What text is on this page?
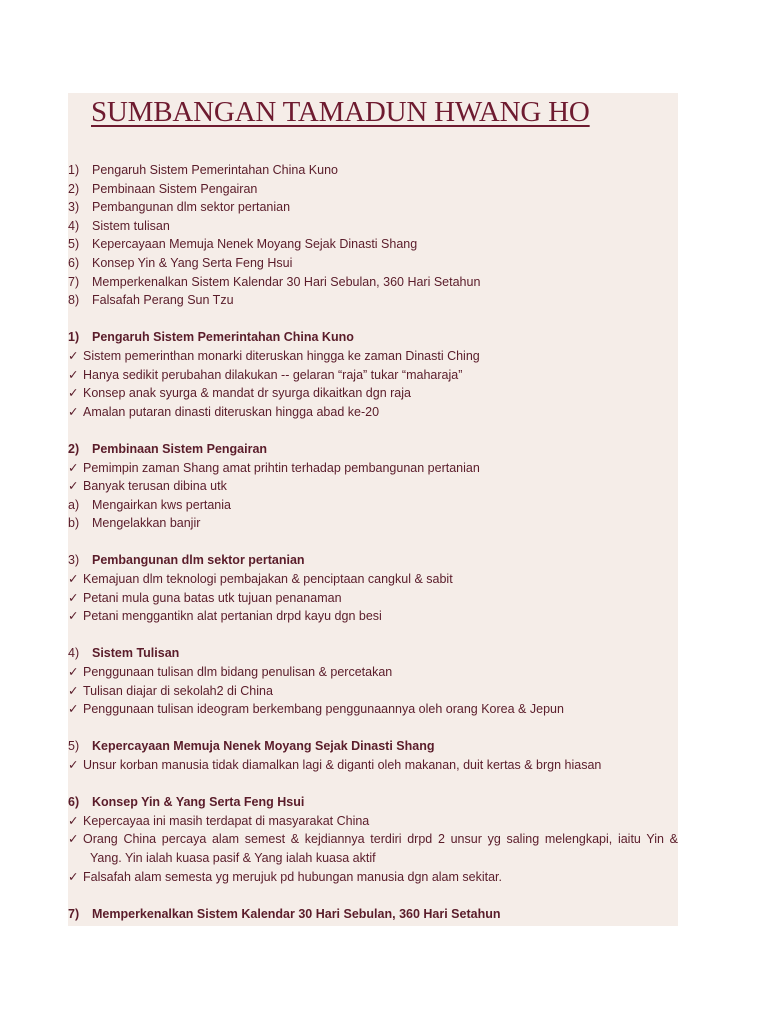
SUMBANGAN TAMADUN HWANG HO
1) Pengaruh Sistem Pemerintahan China Kuno
2) Pembinaan Sistem Pengairan
3) Pembangunan dlm sektor pertanian
4) Sistem tulisan
5) Kepercayaan Memuja Nenek Moyang Sejak Dinasti Shang
6) Konsep Yin & Yang Serta Feng Hsui
7) Memperkenalkan Sistem Kalendar 30 Hari Sebulan, 360 Hari Setahun
8) Falsafah Perang Sun Tzu
1) Pengaruh Sistem Pemerintahan China Kuno
✓ Sistem pemerinthan monarki diteruskan hingga ke zaman Dinasti Ching
✓ Hanya sedikit perubahan dilakukan -- gelaran “raja” tukar “maharaja”
✓ Konsep anak syurga & mandat dr syurga dikaitkan dgn raja
✓ Amalan putaran dinasti diteruskan hingga abad ke-20
2) Pembinaan Sistem Pengairan
✓ Pemimpin zaman Shang amat prihtin terhadap pembangunan pertanian
✓ Banyak terusan dibina utk
a) Mengairkan kws pertania
b) Mengelakkan banjir
3) Pembangunan dlm sektor pertanian
✓ Kemajuan dlm teknologi pembajakan & penciptaan cangkul & sabit
✓ Petani mula guna batas utk tujuan penanaman
✓ Petani menggantikn alat pertanian drpd kayu dgn besi
4) Sistem Tulisan
✓ Penggunaan tulisan dlm bidang penulisan & percetakan
✓ Tulisan diajar di sekolah2 di China
✓ Penggunaan tulisan ideogram berkembang penggunaannya oleh orang Korea & Jepun
5) Kepercayaan Memuja Nenek Moyang Sejak Dinasti Shang
✓ Unsur korban manusia tidak diamalkan lagi & diganti oleh makanan, duit kertas & brgn hiasan
6) Konsep Yin & Yang Serta Feng Hsui
✓ Kepercayaa ini masih terdapat di masyarakat China
✓ Orang China percaya alam semest & kejdiannya terdiri drpd 2 unsur yg saling melengkapi, iaitu Yin &
Yang. Yin ialah kuasa pasif & Yang ialah kuasa aktif
✓ Falsafah alam semesta yg merujuk pd hubungan manusia dgn alam sekitar.
7) Memperkenalkan Sistem Kalendar 30 Hari Sebulan, 360 Hari Setahun
